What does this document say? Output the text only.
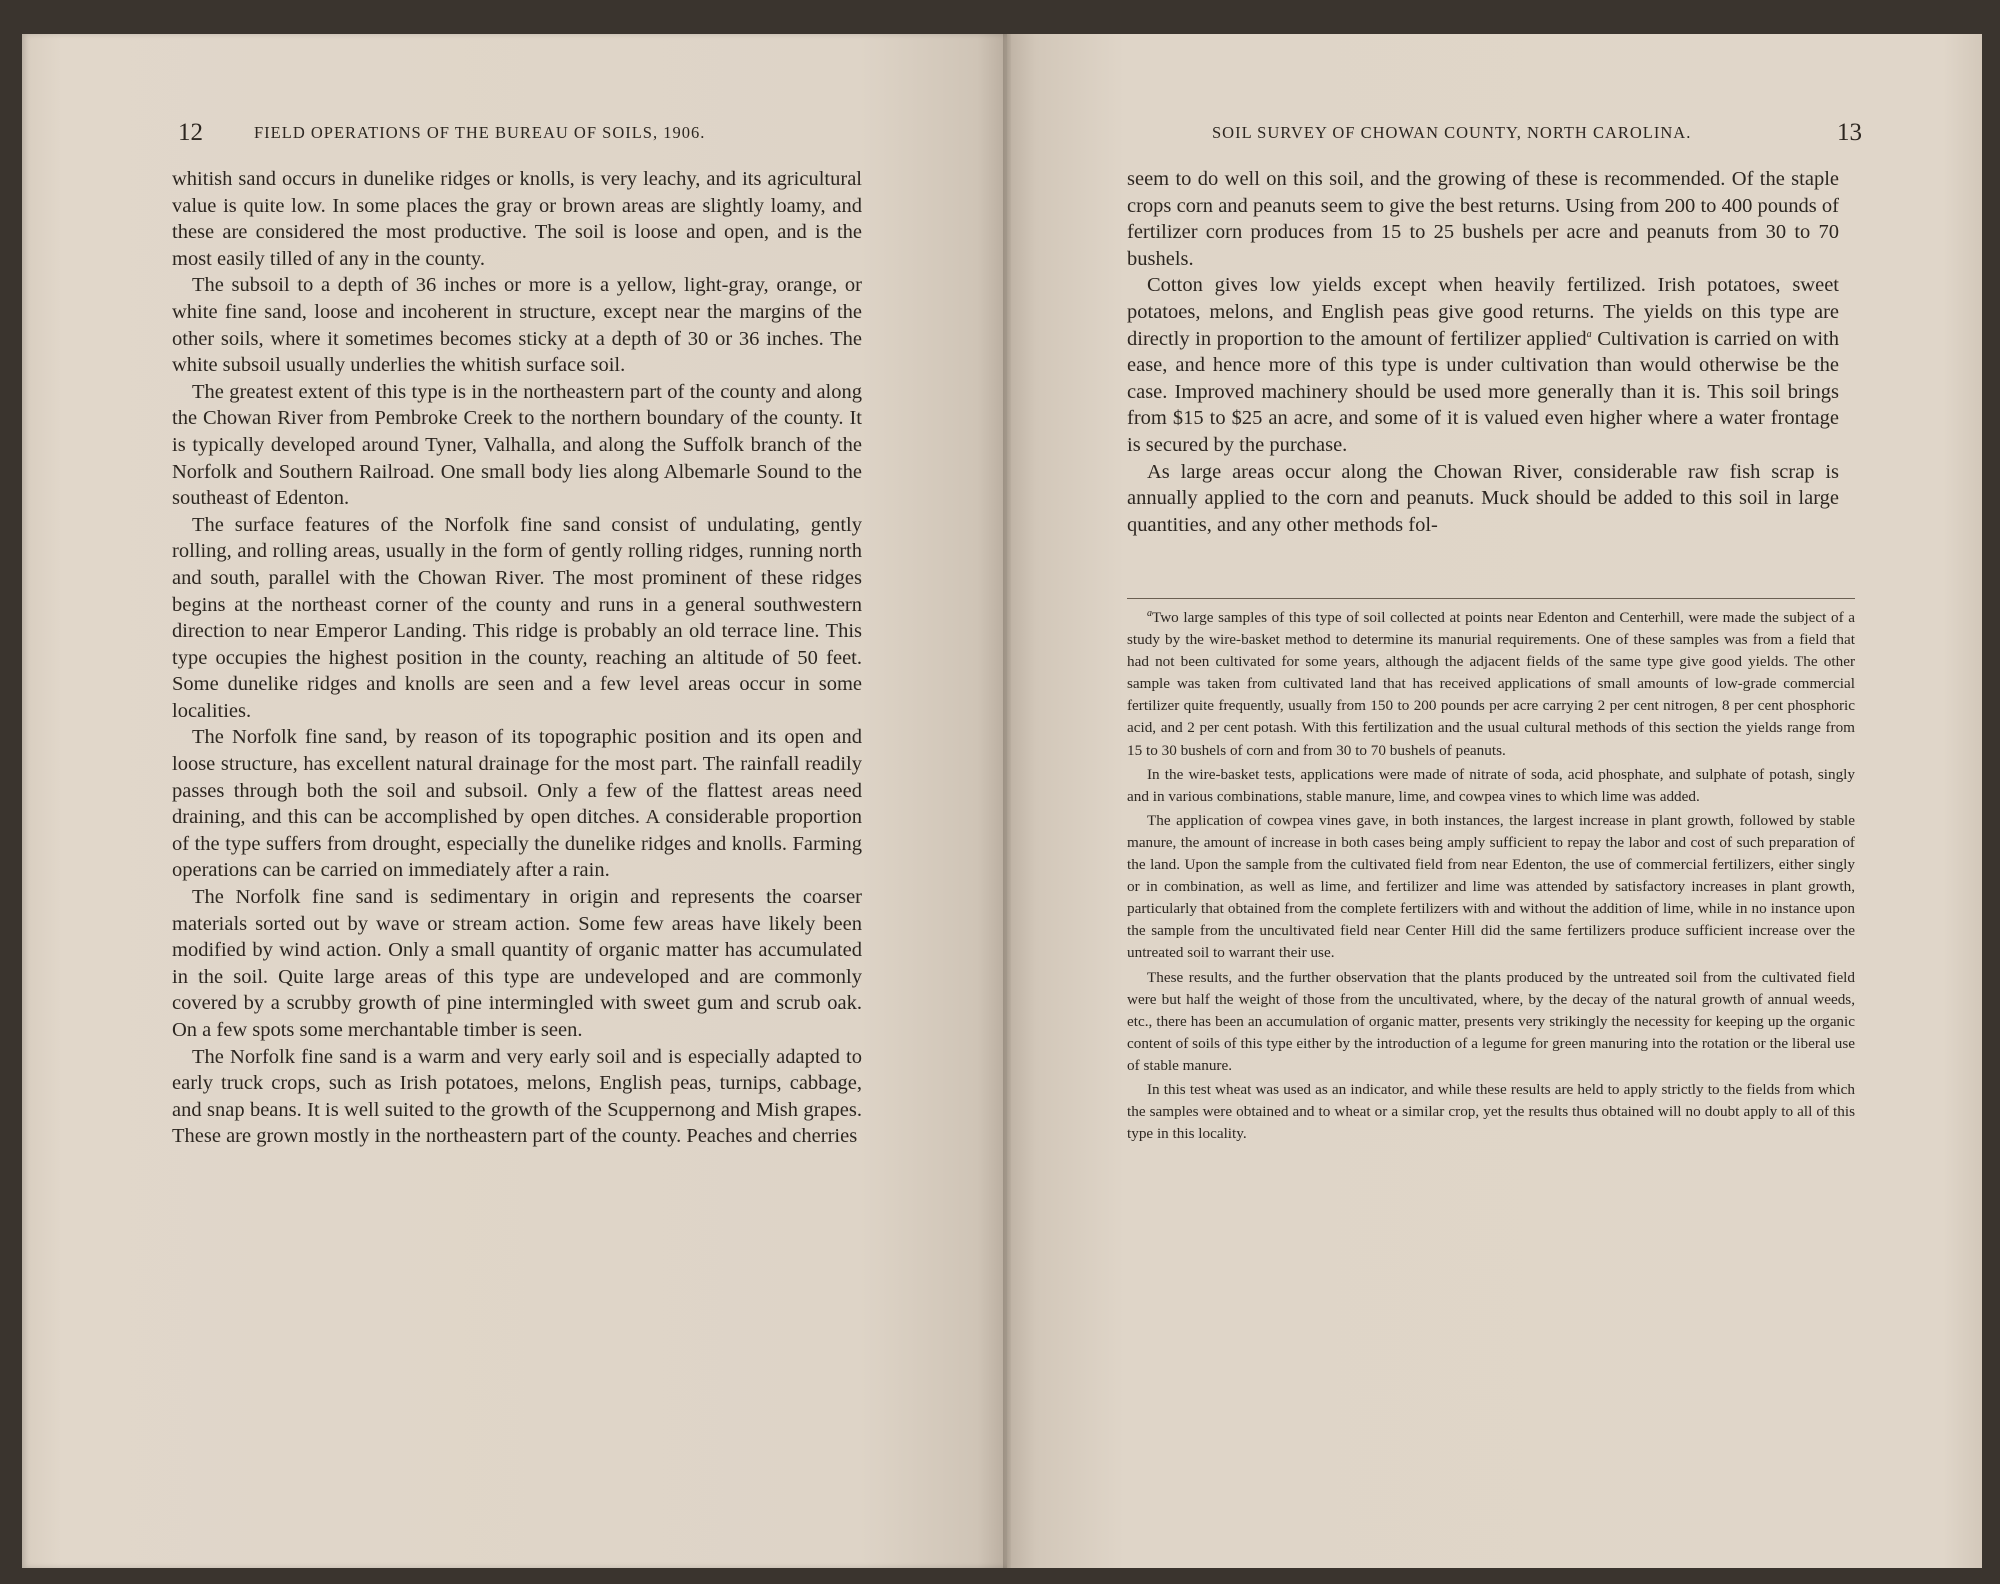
12	FIELD OPERATIONS OF THE BUREAU OF SOILS, 1906.

whitish sand occurs in dunelike ridges or knolls, is very leachy, and its agricultural value is quite low. In some places the gray or brown areas are slightly loamy, and these are considered the most productive. The soil is loose and open, and is the most easily tilled of any in the county.

The subsoil to a depth of 36 inches or more is a yellow, light-gray, orange, or white fine sand, loose and incoherent in structure, except near the margins of the other soils, where it sometimes becomes sticky at a depth of 30 or 36 inches. The white subsoil usually underlies the whitish surface soil.

The greatest extent of this type is in the northeastern part of the county and along the Chowan River from Pembroke Creek to the northern boundary of the county. It is typically developed around Tyner, Valhalla, and along the Suffolk branch of the Norfolk and Southern Railroad. One small body lies along Albemarle Sound to the southeast of Edenton.

The surface features of the Norfolk fine sand consist of undulating, gently rolling, and rolling areas, usually in the form of gently rolling ridges, running north and south, parallel with the Chowan River. The most prominent of these ridges begins at the northeast corner of the county and runs in a general southwestern direction to near Emperor Landing. This ridge is probably an old terrace line. This type occupies the highest position in the county, reaching an altitude of 50 feet. Some dunelike ridges and knolls are seen and a few level areas occur in some localities.

The Norfolk fine sand, by reason of its topographic position and its open and loose structure, has excellent natural drainage for the most part. The rainfall readily passes through both the soil and subsoil. Only a few of the flattest areas need draining, and this can be accomplished by open ditches. A considerable proportion of the type suffers from drought, especially the dunelike ridges and knolls. Farming operations can be carried on immediately after a rain.

The Norfolk fine sand is sedimentary in origin and represents the coarser materials sorted out by wave or stream action. Some few areas have likely been modified by wind action. Only a small quantity of organic matter has accumulated in the soil. Quite large areas of this type are undeveloped and are commonly covered by a scrubby growth of pine intermingled with sweet gum and scrub oak. On a few spots some merchantable timber is seen.

The Norfolk fine sand is a warm and very early soil and is especially adapted to early truck crops, such as Irish potatoes, melons, English peas, turnips, cabbage, and snap beans. It is well suited to the growth of the Scuppernong and Mish grapes. These are grown mostly in the northeastern part of the county. Peaches and cherries

SOIL SURVEY OF CHOWAN COUNTY, NORTH CAROLINA.	13

seem to do well on this soil, and the growing of these is recommended. Of the staple crops corn and peanuts seem to give the best returns. Using from 200 to 400 pounds of fertilizer corn produces from 15 to 25 bushels per acre and peanuts from 30 to 70 bushels.

Cotton gives low yields except when heavily fertilized. Irish potatoes, sweet potatoes, melons, and English peas give good returns. The yields on this type are directly in proportion to the amount of fertilizer applied$^a$ Cultivation is carried on with ease, and hence more of this type is under cultivation than would otherwise be the case. Improved machinery should be used more generally than it is. This soil brings from $15 to $25 an acre, and some of it is valued even higher where a water frontage is secured by the purchase.

As large areas occur along the Chowan River, considerable raw fish scrap is annually applied to the corn and peanuts. Muck should be added to this soil in large quantities, and any other methods fol-

$^a$Two large samples of this type of soil collected at points near Edenton and Centerhill, were made the subject of a study by the wire-basket method to determine its manurial requirements. One of these samples was from a field that had not been cultivated for some years, although the adjacent fields of the same type give good yields. The other sample was taken from cultivated land that has received applications of small amounts of low-grade commercial fertilizer quite frequently, usually from 150 to 200 pounds per acre carrying 2 per cent nitrogen, 8 per cent phosphoric acid, and 2 per cent potash. With this fertilization and the usual cultural methods of this section the yields range from 15 to 30 bushels of corn and from 30 to 70 bushels of peanuts.

In the wire-basket tests, applications were made of nitrate of soda, acid phosphate, and sulphate of potash, singly and in various combinations, stable manure, lime, and cowpea vines to which lime was added.

The application of cowpea vines gave, in both instances, the largest increase in plant growth, followed by stable manure, the amount of increase in both cases being amply sufficient to repay the labor and cost of such preparation of the land. Upon the sample from the cultivated field from near Edenton, the use of commercial fertilizers, either singly or in combination, as well as lime, and fertilizer and lime was attended by satisfactory increases in plant growth, particularly that obtained from the complete fertilizers with and without the addition of lime, while in no instance upon the sample from the uncultivated field near Center Hill did the same fertilizers produce sufficient increase over the untreated soil to warrant their use.

These results, and the further observation that the plants produced by the untreated soil from the cultivated field were but half the weight of those from the uncultivated, where, by the decay of the natural growth of annual weeds, etc., there has been an accumulation of organic matter, presents very strikingly the necessity for keeping up the organic content of soils of this type either by the introduction of a legume for green manuring into the rotation or the liberal use of stable manure.

In this test wheat was used as an indicator, and while these results are held to apply strictly to the fields from which the samples were obtained and to wheat or a similar crop, yet the results thus obtained will no doubt apply to all of this type in this locality.
